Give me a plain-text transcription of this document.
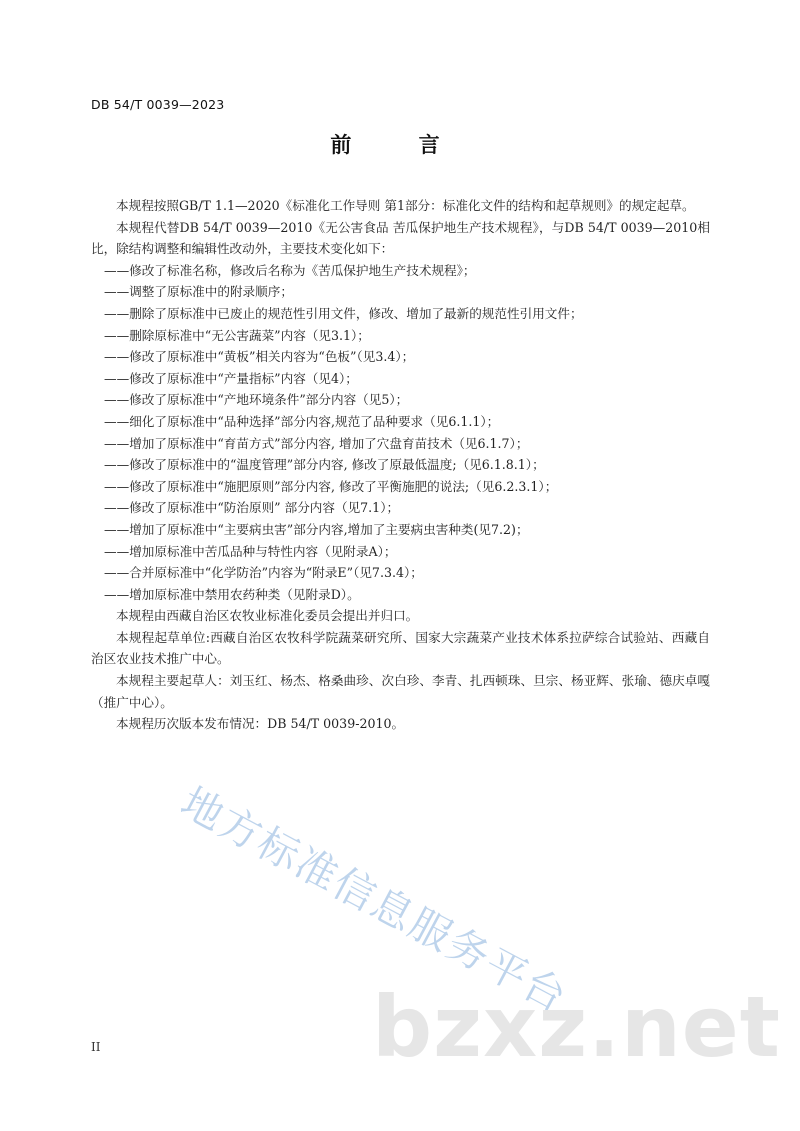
DB 54/T 0039—2023
前 言

本规程按照GB/T 1.1—2020《标准化工作导则 第1部分：标准化文件的结构和起草规则》的规定起草。

本规程代替DB 54/T 0039—2010《无公害食品 苦瓜保护地生产技术规程》，与DB 54/T 0039—2010相比，除结构调整和编辑性改动外，主要技术变化如下：

——修改了标准名称，修改后名称为《苦瓜保护地生产技术规程》；

——调整了原标准中的附录顺序；

——删除了原标准中已废止的规范性引用文件，修改、增加了最新的规范性引用文件；

——删除原标准中“无公害蔬菜”内容（见3.1）；

——修改了原标准中“黄板”相关内容为“色板”（见3.4）；

——修改了原标准中“产量指标”内容（见4）；

——修改了原标准中“产地环境条件”部分内容（见5）；

——细化了原标准中“品种选择”部分内容,规范了品种要求（见6.1.1）；

——增加了原标准中“育苗方式”部分内容, 增加了穴盘育苗技术（见6.1.7）；

——修改了原标准中的“温度管理”部分内容, 修改了原最低温度;（见6.1.8.1）；

——修改了原标准中“施肥原则”部分内容, 修改了平衡施肥的说法;（见6.2.3.1）；

——修改了原标准中“防治原则” 部分内容（见7.1）；

——增加了原标准中“主要病虫害”部分内容,增加了主要病虫害种类(见7.2)；

——增加原标准中苦瓜品种与特性内容（见附录A）；

——合并原标准中“化学防治”内容为“附录E”（见7.3.4）；

——增加原标准中禁用农药种类（见附录D）。

本规程由西藏自治区农牧业标准化委员会提出并归口。

本规程起草单位:西藏自治区农牧科学院蔬菜研究所、国家大宗蔬菜产业技术体系拉萨综合试验站、西藏自治区农业技术推广中心。

本规程主要起草人：刘玉红、杨杰、格桑曲珍、次白珍、李青、扎西顿珠、旦宗、杨亚辉、张瑜、德庆卓嘎（推广中心）。

本规程历次版本发布情况：DB 54/T 0039-2010。

地方标准信息服务平台
bzxz.net
II
